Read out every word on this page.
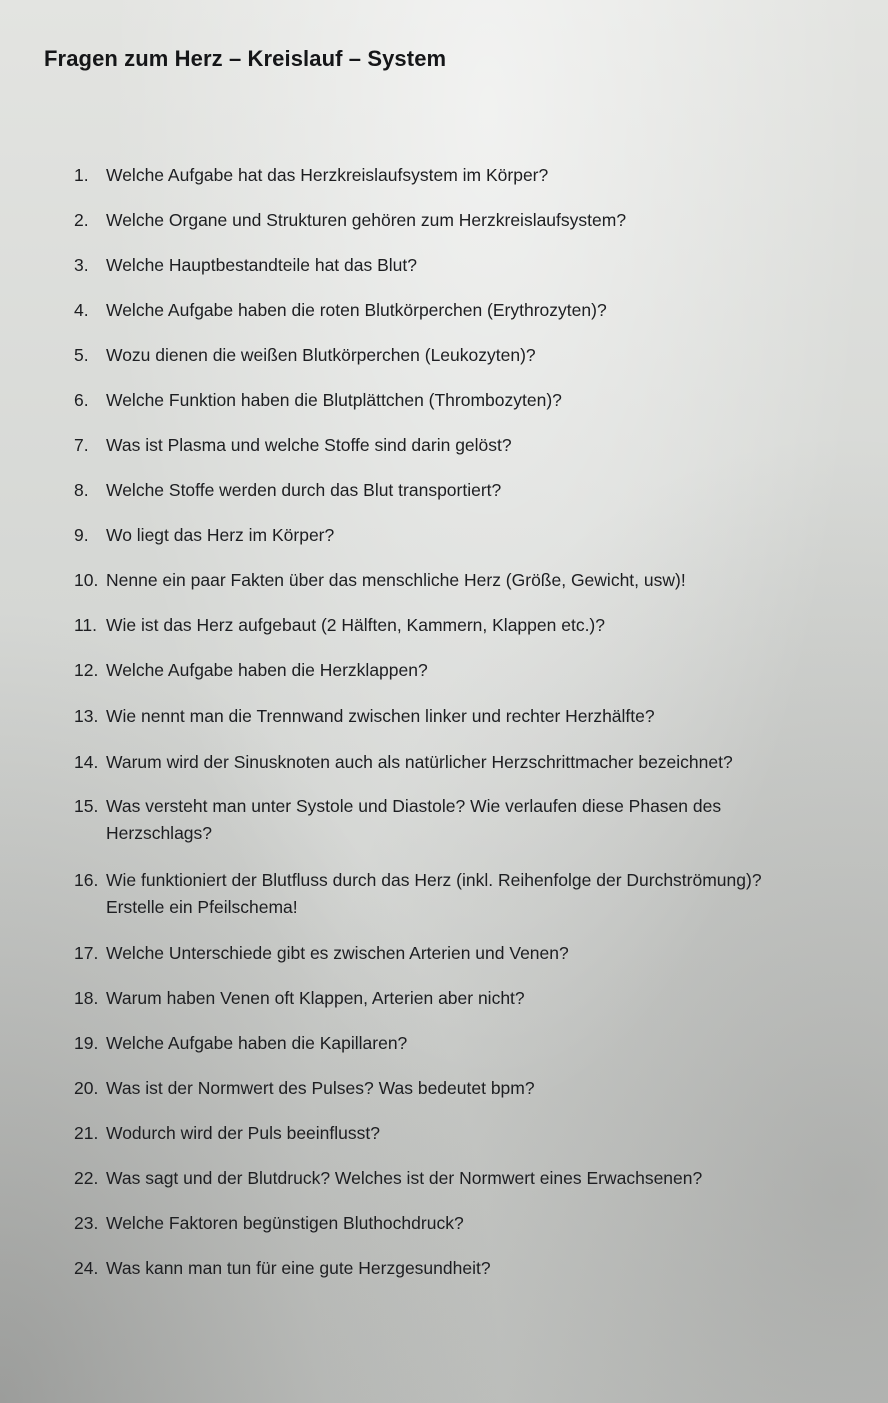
Fragen zum Herz – Kreislauf – System
1. Welche Aufgabe hat das Herzkreislaufsystem im Körper?
2. Welche Organe und Strukturen gehören zum Herzkreislaufsystem?
3. Welche Hauptbestandteile hat das Blut?
4. Welche Aufgabe haben die roten Blutkörperchen (Erythrozyten)?
5. Wozu dienen die weißen Blutkörperchen (Leukozyten)?
6. Welche Funktion haben die Blutplättchen (Thrombozyten)?
7. Was ist Plasma und welche Stoffe sind darin gelöst?
8. Welche Stoffe werden durch das Blut transportiert?
9. Wo liegt das Herz im Körper?
10. Nenne ein paar Fakten über das menschliche Herz (Größe, Gewicht, usw)!
11. Wie ist das Herz aufgebaut (2 Hälften, Kammern, Klappen etc.)?
12. Welche Aufgabe haben die Herzklappen?
13. Wie nennt man die Trennwand zwischen linker und rechter Herzhälfte?
14. Warum wird der Sinusknoten auch als natürlicher Herzschrittmacher bezeichnet?
15. Was versteht man unter Systole und Diastole? Wie verlaufen diese Phasen des
Herzschlags?
16. Wie funktioniert der Blutfluss durch das Herz (inkl. Reihenfolge der Durchströmung)?
Erstelle ein Pfeilschema!
17. Welche Unterschiede gibt es zwischen Arterien und Venen?
18. Warum haben Venen oft Klappen, Arterien aber nicht?
19. Welche Aufgabe haben die Kapillaren?
20. Was ist der Normwert des Pulses? Was bedeutet bpm?
21. Wodurch wird der Puls beeinflusst?
22. Was sagt und der Blutdruck? Welches ist der Normwert eines Erwachsenen?
23. Welche Faktoren begünstigen Bluthochdruck?
24. Was kann man tun für eine gute Herzgesundheit?
